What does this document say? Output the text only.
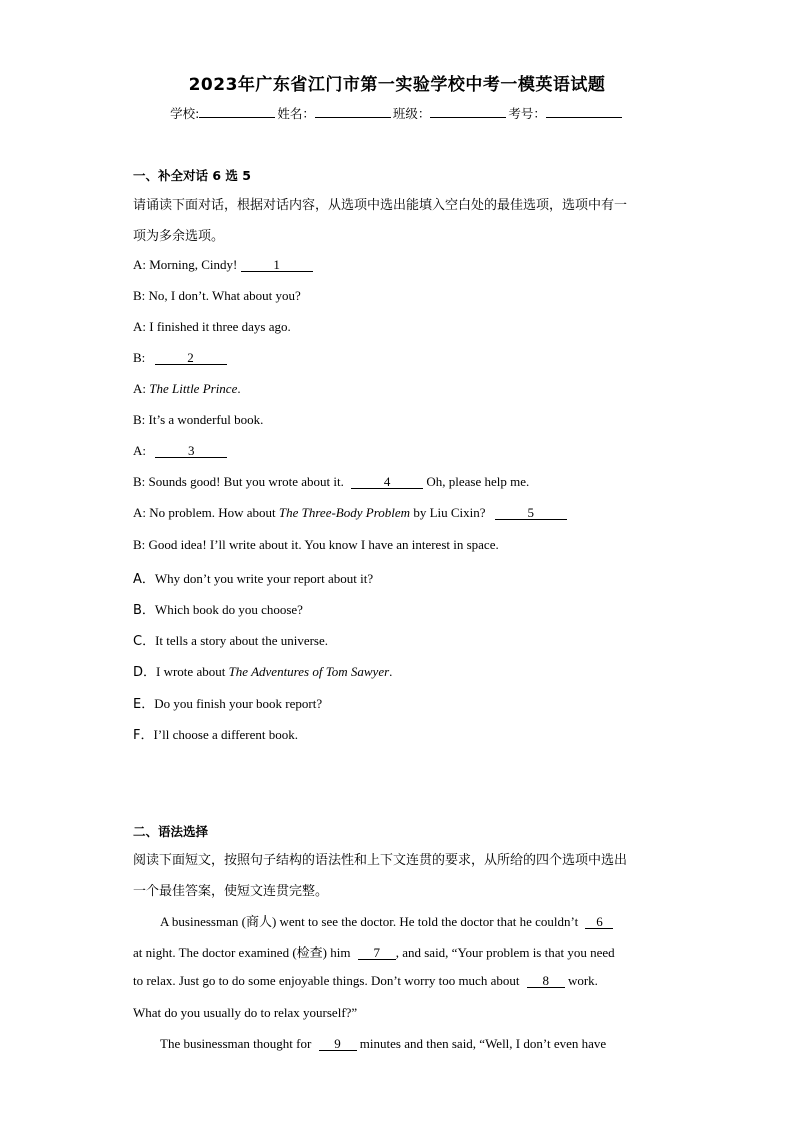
2023年广东省江门市第一实验学校中考一模英语试题
学校:	姓名：	班级：	考号：
一、补全对话 6 选 5
请诵读下面对话，根据对话内容，从选项中选出能填入空白处的最佳选项，选项中有一
项为多余选项。
A: Morning, Cindy!	1
B: No, I don’t. What about you?
A: I finished it three days ago.
B:	2
A: The Little Prince.
B: It’s a wonderful book.
A:	3
B: Sounds good! But you wrote about it.	4	Oh, please help me.
A: No problem. How about The Three-Body Problem by Liu Cixin?	5
B: Good idea! I’ll write about it. You know I have an interest in space.
A．Why don’t you write your report about it?
B．Which book do you choose?
C．It tells a story about the universe.
D．I wrote about The Adventures of Tom Sawyer.
E．Do you finish your book report?
F．I’ll choose a different book.
二、语法选择
阅读下面短文，按照句子结构的语法性和上下文连贯的要求，从所给的四个选项中选出
一个最佳答案，使短文连贯完整。
A businessman (商人) went to see the doctor. He told the doctor that he couldn’t 6
at night. The doctor examined (检查) him 7 , and said, “Your problem is that you need
to relax. Just go to do some enjoyable things. Don’t worry too much about 8 work.
What do you usually do to relax yourself?”
The businessman thought for 9 minutes and then said, “Well, I don’t even have
